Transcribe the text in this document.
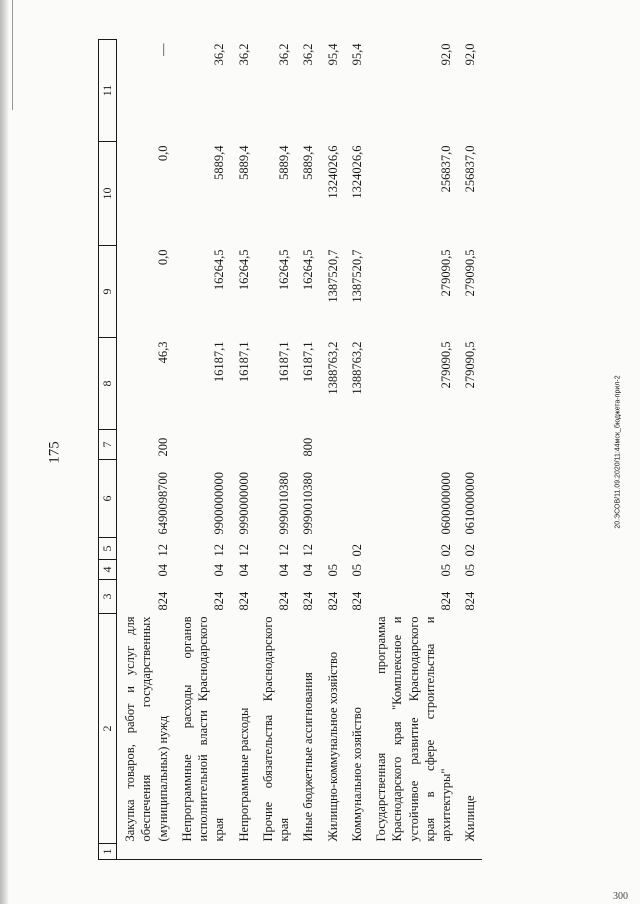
175	20.ЭСОВ/11.09.2020/11:44мск_бюджета-прил-2
300
1	2	3	4	5	6	7	8	9	10	11
	Закупка товаров, работ и услуг для обеспечения государственных (муниципальных) нужд	824	04	12	6490098700	200	46,3	0,0	0,0	—
	Непрограммные расходы органов исполнительной власти Краснодарского края	824	04	12	9900000000		16187,1	16264,5	5889,4	36,2
	Непрограммные расходы	824	04	12	9990000000		16187,1	16264,5	5889,4	36,2
	Прочие обязательства Краснодарского края	824	04	12	9990010380		16187,1	16264,5	5889,4	36,2
	Иные бюджетные ассигнования	824	04	12	9990010380	800	16187,1	16264,5	5889,4	36,2
	Жилищно-коммунальное хозяйство	824	05				1388763,2	1387520,7	1324026,6	95,4
	Коммунальное хозяйство	824	05	02			1388763,2	1387520,7	1324026,6	95,4
	Государственная программа Краснодарского края "Комплексное и устойчивое развитие Краснодарского края в сфере строительства и архитектуры"	824	05	02	0600000000		279090,5	279090,5	256837,0	92,0
	Жилище	824	05	02	0610000000		279090,5	279090,5	256837,0	92,0
